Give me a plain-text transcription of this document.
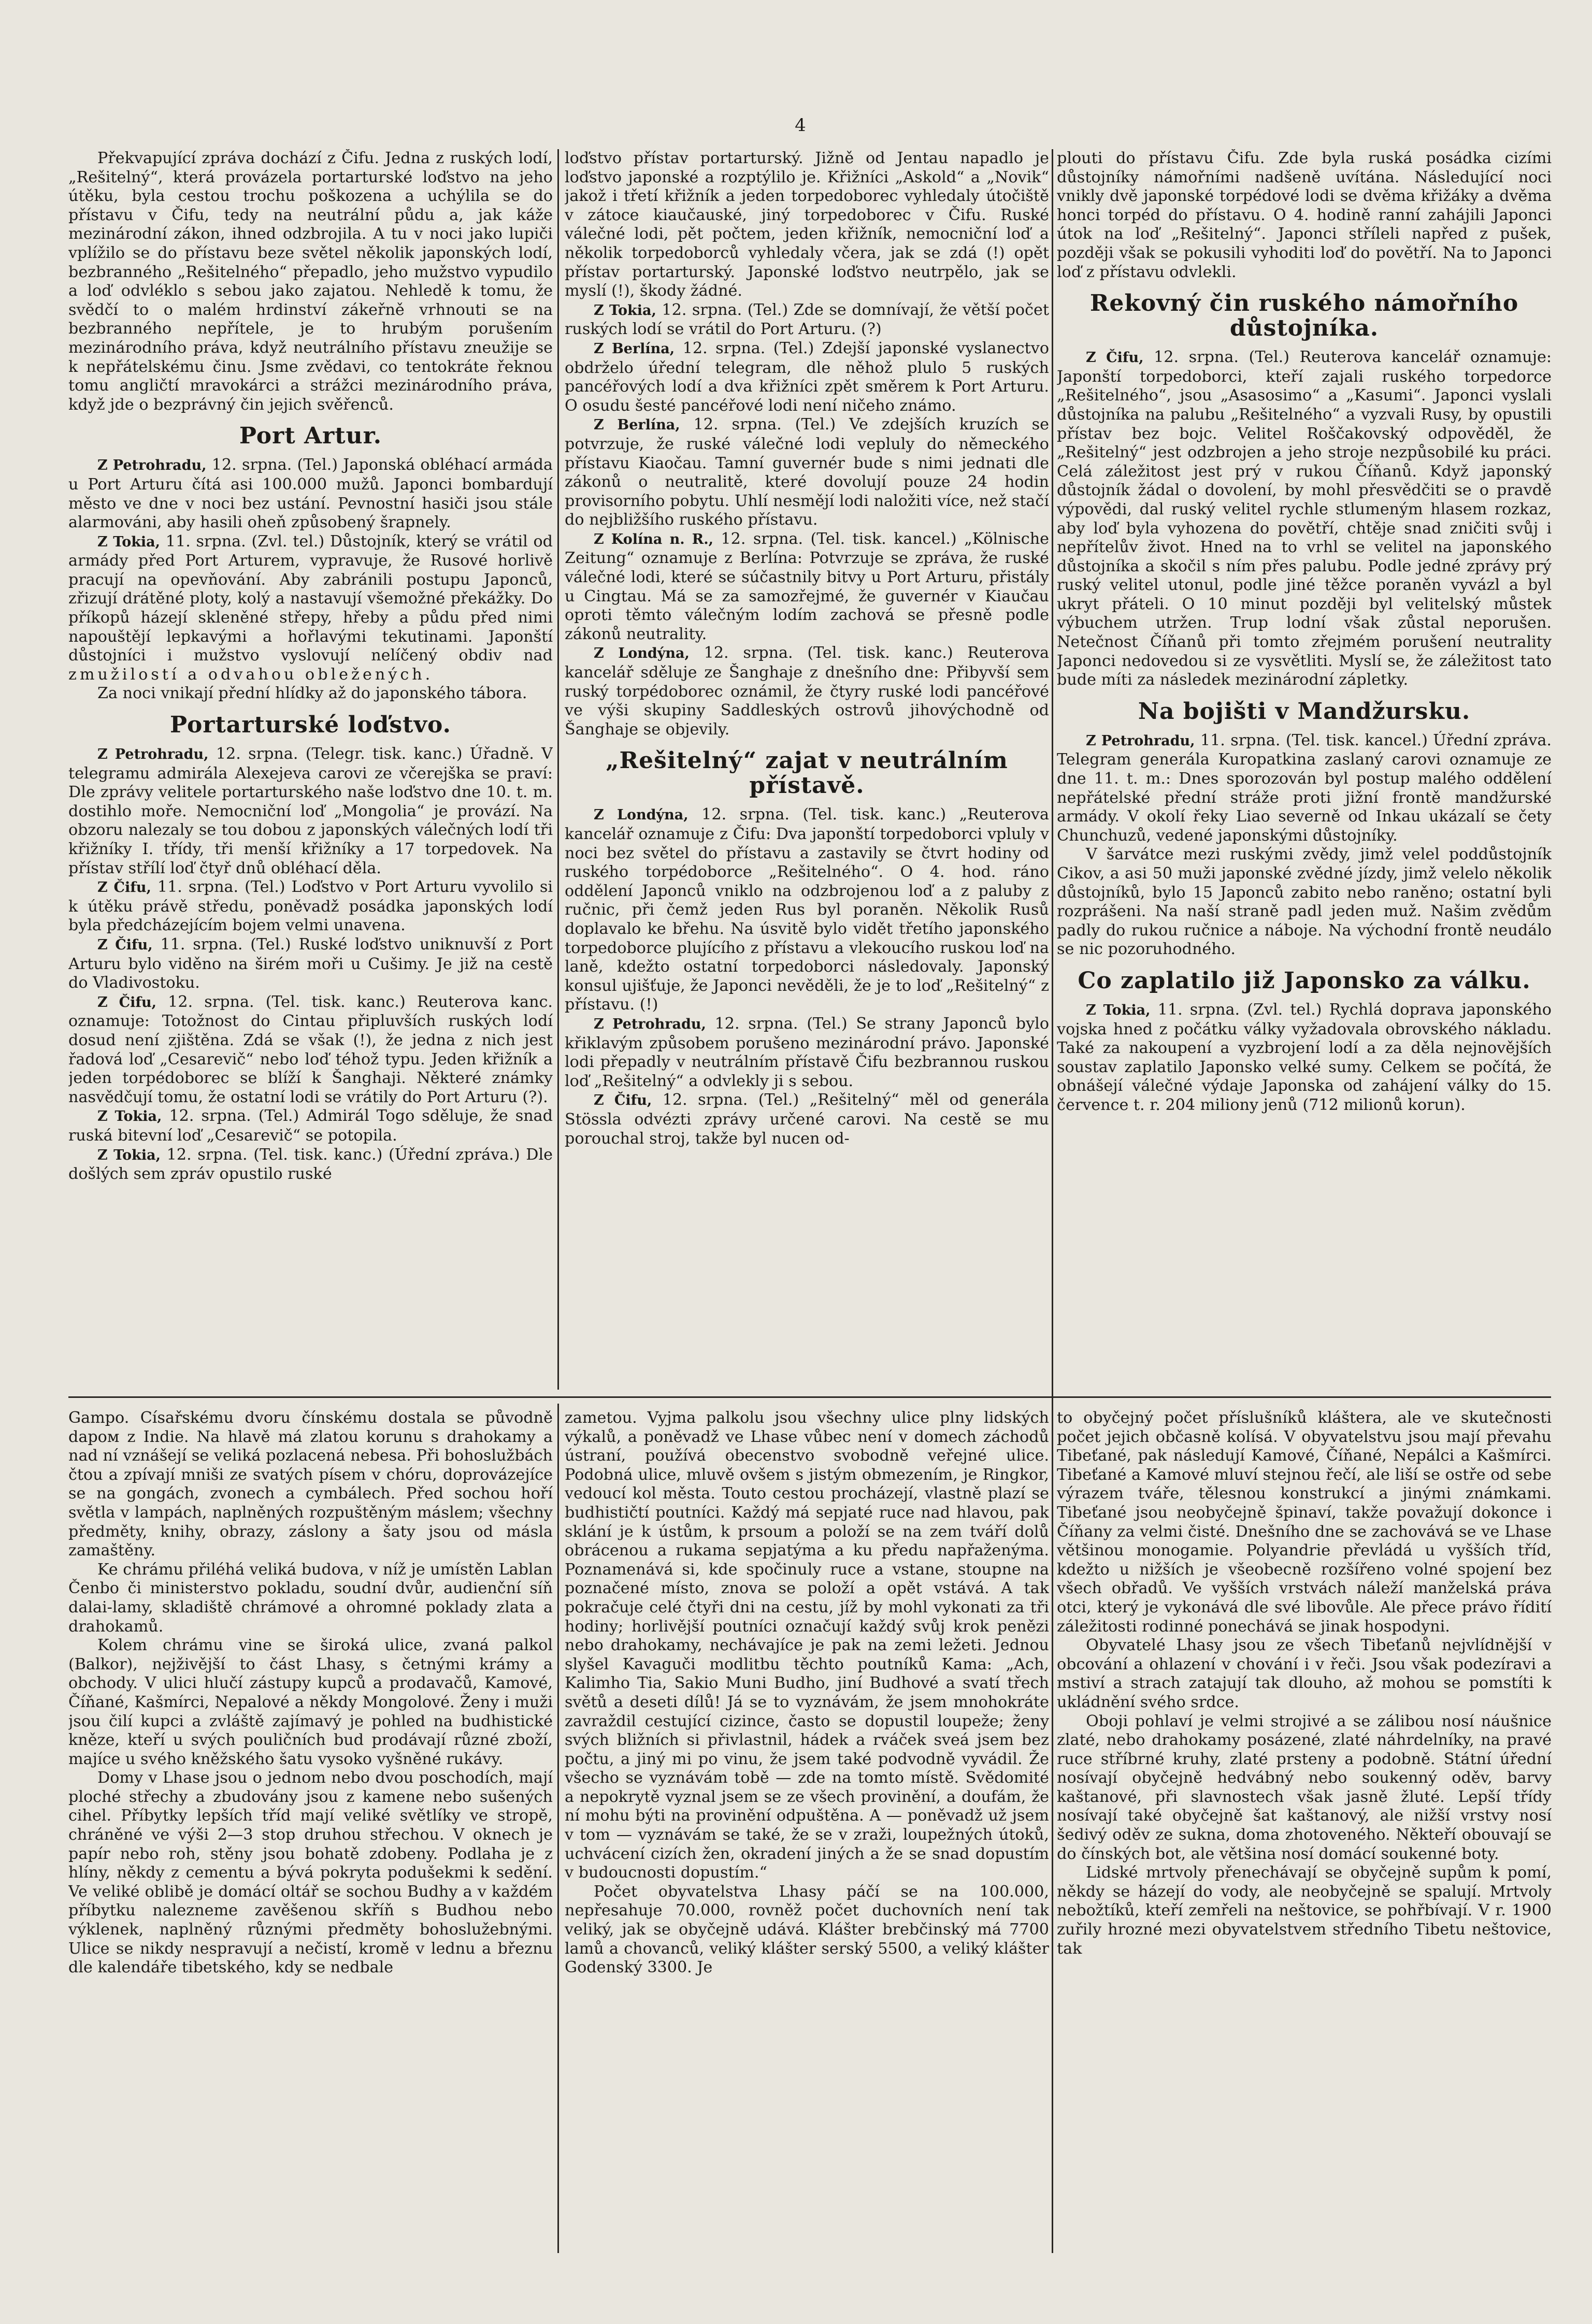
4

Překvapující zpráva dochází z Čifu. Jedna z ruských lodí, „Rešitelný“, která provázela portarturské loďstvo na jeho útěku, byla cestou trochu poškozena a uchýlila se do přístavu v Čifu, tedy na neutrální půdu a, jak káže mezinárodní zákon, ihned odzbrojila. A tu v noci jako lupiči vplížilo se do přístavu beze světel několik japonských lodí, bezbranného „Rešitelného“ přepadlo, jeho mužstvo vypudilo a loď odvléklo s sebou jako zajatou. Nehledě k tomu, že svědčí to o malém hrdinství zákeřně vrhnouti se na bezbranného nepřítele, je to hrubým porušením mezinárodního práva, když neutrálního přístavu zneužije se k nepřátelskému činu. Jsme zvědavi, co tentokráte řeknou tomu angličtí mravokárci a strážci mezinárodního práva, když jde o bezprávný čin jejich svěřenců.

Port Artur.

Z Petrohradu, 12. srpna. (Tel.) Japonská obléhací armáda u Port Arturu čítá asi 100.000 mužů. Japonci bombardují město ve dne v noci bez ustání. Pevnostní hasiči jsou stále alarmováni, aby hasili oheň způsobený šrapnely.

Z Tokia, 11. srpna. (Zvl. tel.) Důstojník, který se vrátil od armády před Port Arturem, vypravuje, že Rusové horlivě pracují na opevňování. Aby zabránili postupu Japonců, zřizují drátěné ploty, kolý a nastavují všemožné překážky. Do příkopů házejí skleněné střepy, hřeby a půdu před nimi napouštějí lepkavými a hořlavými tekutinami. Japonští důstojníci i mužstvo vyslovují nelíčený obdiv nad zmužilostí a odvahou obležených.

Za noci vnikají přední hlídky až do japonského tábora.

Portarturské loďstvo.

Z Petrohradu, 12. srpna. (Telegr. tisk. kanc.) Úřadně. V telegramu admirála Alexejeva carovi ze včerejška se praví: Dle zprávy velitele portarturského naše loďstvo dne 10. t. m. dostihlo moře. Nemocniční loď „Mongolia“ je provází. Na obzoru nalezaly se tou dobou z japonských válečných lodí tři křižníky I. třídy, tři menší křižníky a 17 torpedovek. Na přístav střílí loď čtyř dnů obléhací děla.

Z Čifu, 11. srpna. (Tel.) Loďstvo v Port Arturu vyvolilo si k útěku právě středu, poněvadž posádka japonských lodí byla předcházejícím bojem velmi unavena.

Z Čifu, 11. srpna. (Tel.) Ruské loďstvo uniknuvší z Port Arturu bylo viděno na širém moři u Cušimy. Je již na cestě do Vladivostoku.

Z Čifu, 12. srpna. (Tel. tisk. kanc.) Reuterova kanc. oznamuje: Totožnost do Cintau připluvších ruských lodí dosud není zjištěna. Zdá se však (!), že jedna z nich jest řadová loď „Cesarevič“ nebo loď téhož typu. Jeden křižník a jeden torpédoborec se blíží k Šanghaji. Některé známky nasvědčují tomu, že ostatní lodi se vrátily do Port Arturu (?).

Z Tokia, 12. srpna. (Tel.) Admirál Togo sděluje, že snad ruská bitevní loď „Cesarevič“ se potopila.

Z Tokia, 12. srpna. (Tel. tisk. kanc.) (Úřední zpráva.) Dle došlých sem zpráv opustilo ruské

loďstvo přístav portarturský. Jižně od Jentau napadlo je loďstvo japonské a rozptýlilo je. Křižníci „Askold“ a „Novik“ jakož i třetí křižník a jeden torpedoborec vyhledaly útočiště v zátoce kiaučauské, jiný torpedoborec v Čifu. Ruské válečné lodi, pět počtem, jeden křižník, nemocniční loď a několik torpedoborců vyhledaly včera, jak se zdá (!) opět přístav portarturský. Japonské loďstvo neutrpělo, jak se myslí (!), škody žádné.

Z Tokia, 12. srpna. (Tel.) Zde se domnívají, že větší počet ruských lodí se vrátil do Port Arturu. (?)

Z Berlína, 12. srpna. (Tel.) Zdejší japonské vyslanectvo obdrželo úřední telegram, dle něhož plulo 5 ruských pancéřových lodí a dva křižníci zpět směrem k Port Arturu. O osudu šesté pancéřové lodi není ničeho známo.

Z Berlína, 12. srpna. (Tel.) Ve zdejších kruzích se potvrzuje, že ruské válečné lodi vepluly do německého přístavu Kiaočau. Tamní guvernér bude s nimi jednati dle zákonů o neutralitě, které dovolují pouze 24 hodin provisorního pobytu. Uhlí nesmějí lodi naložiti více, než stačí do nejbližšího ruského přístavu.

Z Kolína n. R., 12. srpna. (Tel. tisk. kancel.) „Kölnische Zeitung“ oznamuje z Berlína: Potvrzuje se zpráva, že ruské válečné lodi, které se súčastnily bitvy u Port Arturu, přistály u Cingtau. Má se za samozřejmé, že guvernér v Kiaučau oproti těmto válečným lodím zachová se přesně podle zákonů neutrality.

Z Londýna, 12. srpna. (Tel. tisk. kanc.) Reuterova kancelář sděluje ze Šanghaje z dnešního dne: Přibyvší sem ruský torpédoborec oznámil, že čtyry ruské lodi pancéřové ve výši skupiny Saddleských ostrovů jihovýchodně od Šanghaje se objevily.

„Rešitelný“ zajat v neutrálním přístavě.

Z Londýna, 12. srpna. (Tel. tisk. kanc.) „Reuterova kancelář oznamuje z Čifu: Dva japonští torpedoborci vpluly v noci bez světel do přístavu a zastavily se čtvrt hodiny od ruského torpédoborce „Rešitelného“. O 4. hod. ráno oddělení Japonců vniklo na odzbrojenou loď a z paluby z ručnic, při čemž jeden Rus byl poraněn. Několik Rusů doplavalo ke břehu. Na úsvitě bylo vidět třetího japonského torpedoborce plujícího z přístavu a vlekoucího ruskou loď na laně, kdežto ostatní torpedoborci následovaly. Japonský konsul ujišťuje, že Japonci nevěděli, že je to loď „Rešitelný“ z přístavu. (!)

Z Petrohradu, 12. srpna. (Tel.) Se strany Japonců bylo křiklavým způsobem porušeno mezinárodní právo. Japonské lodi přepadly v neutrálním přístavě Čifu bezbrannou ruskou loď „Rešitelný“ a odvlekly ji s sebou.

Z Čifu, 12. srpna. (Tel.) „Rešitelný“ měl od generála Stössla odvézti zprávy určené carovi. Na cestě se mu porouchal stroj, takže byl nucen od-

plouti do přístavu Čifu. Zde byla ruská posádka cizími důstojníky námořními nadšeně uvítána. Následující noci vnikly dvě japonské torpédové lodi se dvěma křižáky a dvěma honci torpéd do přístavu. O 4. hodině ranní zahájili Japonci útok na loď „Rešitelný“. Japonci stříleli napřed z pušek, později však se pokusili vyhoditi loď do povětří. Na to Japonci loď z přístavu odvlekli.

Rekovný čin ruského námořního důstojníka.

Z Čifu, 12. srpna. (Tel.) Reuterova kancelář oznamuje: Japonští torpedoborci, kteří zajali ruského torpedorce „Rešitelného“, jsou „Asasosimo“ a „Kasumi“. Japonci vyslali důstojníka na palubu „Rešitelného“ a vyzvali Rusy, by opustili přístav bez bojc. Velitel Roščakovský odpověděl, že „Rešitelný“ jest odzbrojen a jeho stroje nezpůsobilé ku práci. Celá záležitost jest prý v rukou Číňanů. Když japonský důstojník žádal o dovolení, by mohl přesvědčiti se o pravdě výpovědi, dal ruský velitel rychle stlumeným hlasem rozkaz, aby loď byla vyhozena do povětří, chtěje snad zničiti svůj i nepřítelův život. Hned na to vrhl se velitel na japonského důstojníka a skočil s ním přes palubu. Podle jedné zprávy prý ruský velitel utonul, podle jiné těžce poraněn vyvázl a byl ukryt přáteli. O 10 minut později byl velitelský můstek výbuchem utržen. Trup lodní však zůstal neporušen. Netečnost Číňanů při tomto zřejmém porušení neutrality Japonci nedovedou si ze vysvětliti. Myslí se, že záležitost tato bude míti za následek mezinárodní zápletky.

Na bojišti v Mandžursku.

Z Petrohradu, 11. srpna. (Tel. tisk. kancel.) Úřední zpráva. Telegram generála Kuropatkina zaslaný carovi oznamuje ze dne 11. t. m.: Dnes sporozován byl postup malého oddělení nepřátelské přední stráže proti jižní frontě mandžurské armády. V okolí řeky Liao severně od Inkau ukázalí se čety Chunchuzů, vedené japonskými důstojníky.

V šarvátce mezi ruskými zvědy, jimž velel poddůstojník Cikov, a asi 50 muži japonské zvědné jízdy, jimž velelo několik důstojníků, bylo 15 Japonců zabito nebo raněno; ostatní byli rozprášeni. Na naší straně padl jeden muž. Našim zvědům padly do rukou ručnice a náboje. Na východní frontě neudálo se nic pozoruhodného.

Co zaplatilo již Japonsko za válku.

Z Tokia, 11. srpna. (Zvl. tel.) Rychlá doprava japonského vojska hned z počátku války vyžadovala obrovského nákladu. Také za nakoupení a vyzbrojení lodí a za děla nejnovějších soustav zaplatilo Japonsko velké sumy. Celkem se počítá, že obnášejí válečné výdaje Japonska od zahájení války do 15. července t. r. 204 miliony jenů (712 milionů korun).

Gampo. Císařskému dvoru čínskému dostala se původně daром z Indie. Na hlavě má zlatou korunu s drahokamy a nad ní vznášejí se veliká pozlacená nebesa. Při bohoslužbách čtou a zpívají mniši ze svatých písem v chóru, doprovázejíce se na gongách, zvonech a cymbálech. Před sochou hoří světla v lampách, naplněných rozpuštěným máslem; všechny předměty, knihy, obrazy, záslony a šaty jsou od másla zamaštěny.

Ke chrámu přiléhá veliká budova, v níž je umístěn Lablan Čenbo či ministerstvo pokladu, soudní dvůr, audienční síň dalai-lamy, skladiště chrámové a ohromné poklady zlata a drahokamů.

Kolem chrámu vine se široká ulice, zvaná palkol (Balkor), nejživější to část Lhasy, s četnými krámy a obchody. V ulici hlučí zástupy kupců a prodavačů, Kamové, Číňané, Kašmírci, Nepalové a někdy Mongolové. Ženy i muži jsou čilí kupci a zvláště zajímavý je pohled na budhistické kněze, kteří u svých pouličních bud prodávají různé zboží, majíce u svého kněžského šatu vysoko vyšněné rukávy.

Domy v Lhase jsou o jednom nebo dvou poschodích, mají ploché střechy a zbudovány jsou z kamene nebo sušených cihel. Příbytky lepších tříd mají veliké světlíky ve stropě, chráněné ve výši 2—3 stop druhou střechou. V oknech je papír nebo roh, stěny jsou bohatě zdobeny. Podlaha je z hlíny, někdy z cementu a bývá pokryta podušekmi k sedění. Ve veliké oblibě je domácí oltář se sochou Budhy a v každém příbytku nalezneme zavěšenou skříň s Budhou nebo výklenek, naplněný různými předměty bohoslužebnými. Ulice se nikdy nespravují a nečistí, kromě v lednu a březnu dle kalendáře tibetského, kdy se nedbale

zametou. Vyjma palkolu jsou všechny ulice plny lidských výkalů, a poněvadž ve Lhase vůbec není v domech záchodů ústraní, používá obecenstvo svobodně veřejné ulice. Podobná ulice, mluvě ovšem s jistým obmezením, je Ringkor, vedoucí kol města. Touto cestou procházejí, vlastně plazí se budhističtí poutníci. Každý má sepjaté ruce nad hlavou, pak sklání je k ústům, k prsoum a položí se na zem tváří dolů obrácenou a rukama sepjatýma a ku předu napřaženýma. Poznamenává si, kde spočinuly ruce a vstane, stoupne na poznačené místo, znova se položí a opět vstává. A tak pokračuje celé čtyři dni na cestu, jíž by mohl vykonati za tři hodiny; horlivější poutníci označují každý svůj krok penězi nebo drahokamy, nechávajíce je pak na zemi ležeti. Jednou slyšel Kavaguči modlitbu těchto poutníků Kama: „Ach, Kalimho Tia, Sakio Muni Budho, jiní Budhové a svatí třech světů a deseti dílů! Já se to vyznávám, že jsem mnohokráte zavraždil cestující cizince, často se dopustil loupeže; ženy svých bližních si přivlastnil, hádek a rváček sveá jsem bez počtu, a jiný mi po vinu, že jsem také podvodně vyvádil. Že všecho se vyznávám tobě — zde na tomto místě. Svědomité a nepokrytě vyznal jsem se ze všech provinění, a doufám, že ní mohu býti na provinění odpuštěna. A — poněvadž už jsem v tom — vyznávám se také, že se v zraži, loupežných útoků, uchvácení cizích žen, okradení jiných a že se snad dopustím v budoucnosti dopustím.“

Počet obyvatelstva Lhasy páčí se na 100.000, nepřesahuje 70.000, rovněž počet duchovních není tak veliký, jak se obyčejně udává. Klášter brebčinský má 7700 lamů a chovanců, veliký klášter serský 5500, a veliký klášter Godenský 3300. Je

to obyčejný počet příslušníků kláštera, ale ve skutečnosti počet jejich občasně kolísá. V obyvatelstvu jsou mají převahu Tibeťané, pak následují Kamové, Číňané, Nepálci a Kašmírci. Tibeťané a Kamové mluví stejnou řečí, ale liší se ostře od sebe výrazem tváře, tělesnou konstrukcí a jinými známkami. Tibeťané jsou neobyčejně špinaví, takže považují dokonce i Číňany za velmi čisté. Dnešního dne se zachovává se ve Lhase většinou monogamie. Polyandrie převládá u vyšších tříd, kdežto u nižších je všeobecně rozšířeno volné spojení bez všech obřadů. Ve vyšších vrstvách náleží manželská práva otci, který je vykonává dle své libovůle. Ale přece právo řídití záležitosti rodinné ponechává se jinak hospodyni.

Obyvatelé Lhasy jsou ze všech Tibeťanů nejvlídnější v obcování a ohlazení v chování i v řeči. Jsou však podezíravi a mstiví a strach zatajují tak dlouho, až mohou se pomstíti k ukládnění svého srdce.

Oboji pohlaví je velmi strojivé a se zálibou nosí náušnice zlaté, nebo drahokamy posázené, zlaté náhrdelníky, na pravé ruce stříbrné kruhy, zlaté prsteny a podobně. Státní úřední nosívají obyčejně hedvábný nebo soukenný oděv, barvy kaštanové, při slavnostech však jasně žluté. Lepší třídy nosívají také obyčejně šat kaštanový, ale nižší vrstvy nosí šedivý oděv ze sukna, doma zhotoveného. Někteří obouvají se do čínských bot, ale většina nosí domácí soukenné boty.

Lidské mrtvoly přenechávají se obyčejně supům k pomí, někdy se házejí do vody, ale neobyčejně se spalují. Mrtvoly nebožtíků, kteří zemřeli na neštovice, se pohřbívají. V r. 1900 zuřily hrozné mezi obyvatelstvem středního Tibetu neštovice, tak
